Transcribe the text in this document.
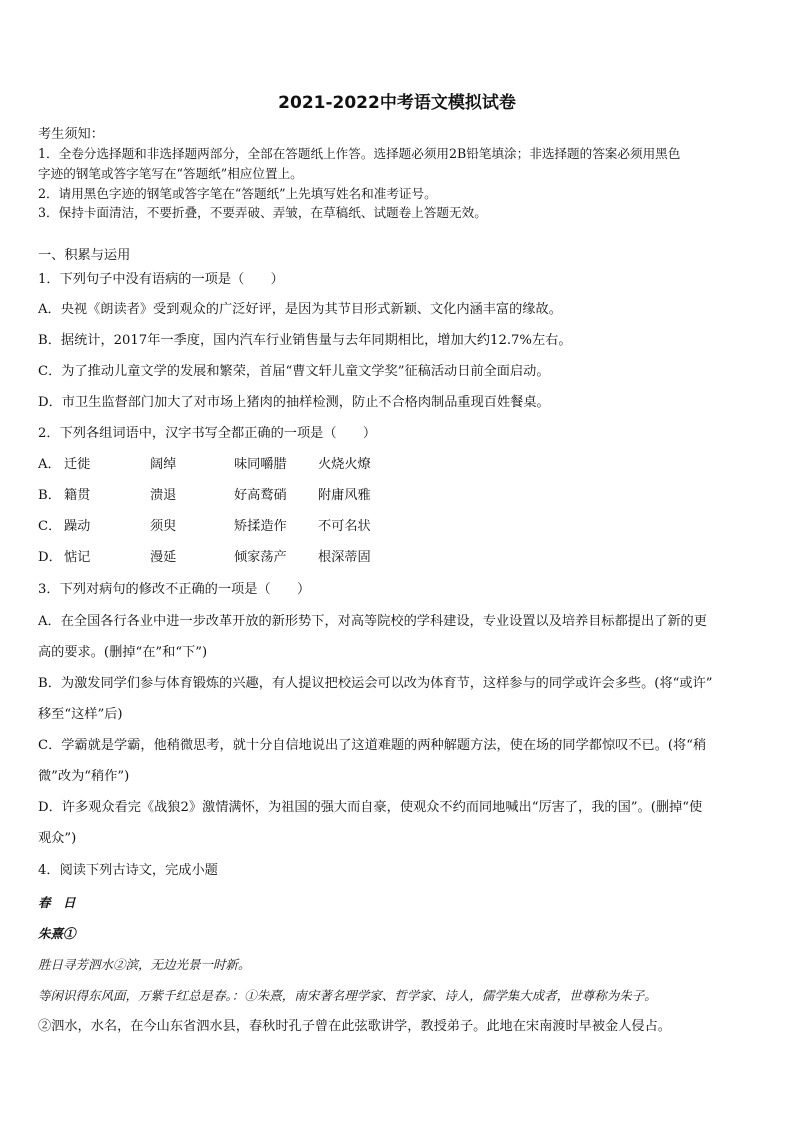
2021-2022中考语文模拟试卷
考生须知：
1．全卷分选择题和非选择题两部分，全部在答题纸上作答。选择题必须用2B铅笔填涂；非选择题的答案必须用黑色
字迹的钢笔或答字笔写在“答题纸”相应位置上。
2．请用黑色字迹的钢笔或答字笔在“答题纸”上先填写姓名和准考证号。
3．保持卡面清洁，不要折叠，不要弄破、弄皱，在草稿纸、试题卷上答题无效。
一、积累与运用
1．下列句子中没有语病的一项是（　　）
A．央视《朗读者》受到观众的广泛好评，是因为其节目形式新颖、文化内涵丰富的缘故。
B．据统计，2017年一季度，国内汽车行业销售量与去年同期相比，增加大约12.7%左右。
C．为了推动儿童文学的发展和繁荣，首届“曹文轩儿童文学奖”征稿活动日前全面启动。
D．市卫生监督部门加大了对市场上猪肉的抽样检测，防止不合格肉制品重现百姓餐桌。
2．下列各组词语中，汉字书写全都正确的一项是（　　）
A． 迁徙	阔绰	味同嚼腊 火烧火燎
B． 籍贯	溃退	好高鹜硝 附庸风雅
C． 躁动	须臾	矫揉造作 不可名状
D． 惦记	漫延	倾家荡产 根深蒂固
3．下列对病句的修改不正确的一项是（　　）
A．在全国各行各业中进一步改革开放的新形势下，对高等院校的学科建设，专业设置以及培养目标都提出了新的更
高的要求。(删掉“在”和“下”)
B．为激发同学们参与体育锻炼的兴趣，有人提议把校运会可以改为体育节，这样参与的同学或许会多些。(将“或许”
移至“这样”后)
C．学霸就是学霸，他稍微思考，就十分自信地说出了这道难题的两种解题方法，使在场的同学都惊叹不已。(将“稍
微”改为“稍作”)
D．许多观众看完《战狼2》激情满怀，为祖国的强大而自豪，使观众不约而同地喊出“厉害了，我的国”。(删掉“使
观众”)
4．阅读下列古诗文，完成小题
春　日
朱熹①
胜日寻芳泗水②滨，无边光景一时新。
等闲识得东风面，万紫千红总是春。：①朱熹，南宋著名理学家、哲学家、诗人，儒学集大成者，世尊称为朱子。
②泗水，水名，在今山东省泗水县，春秋时孔子曾在此弦歌讲学，教授弟子。此地在宋南渡时早被金人侵占。
